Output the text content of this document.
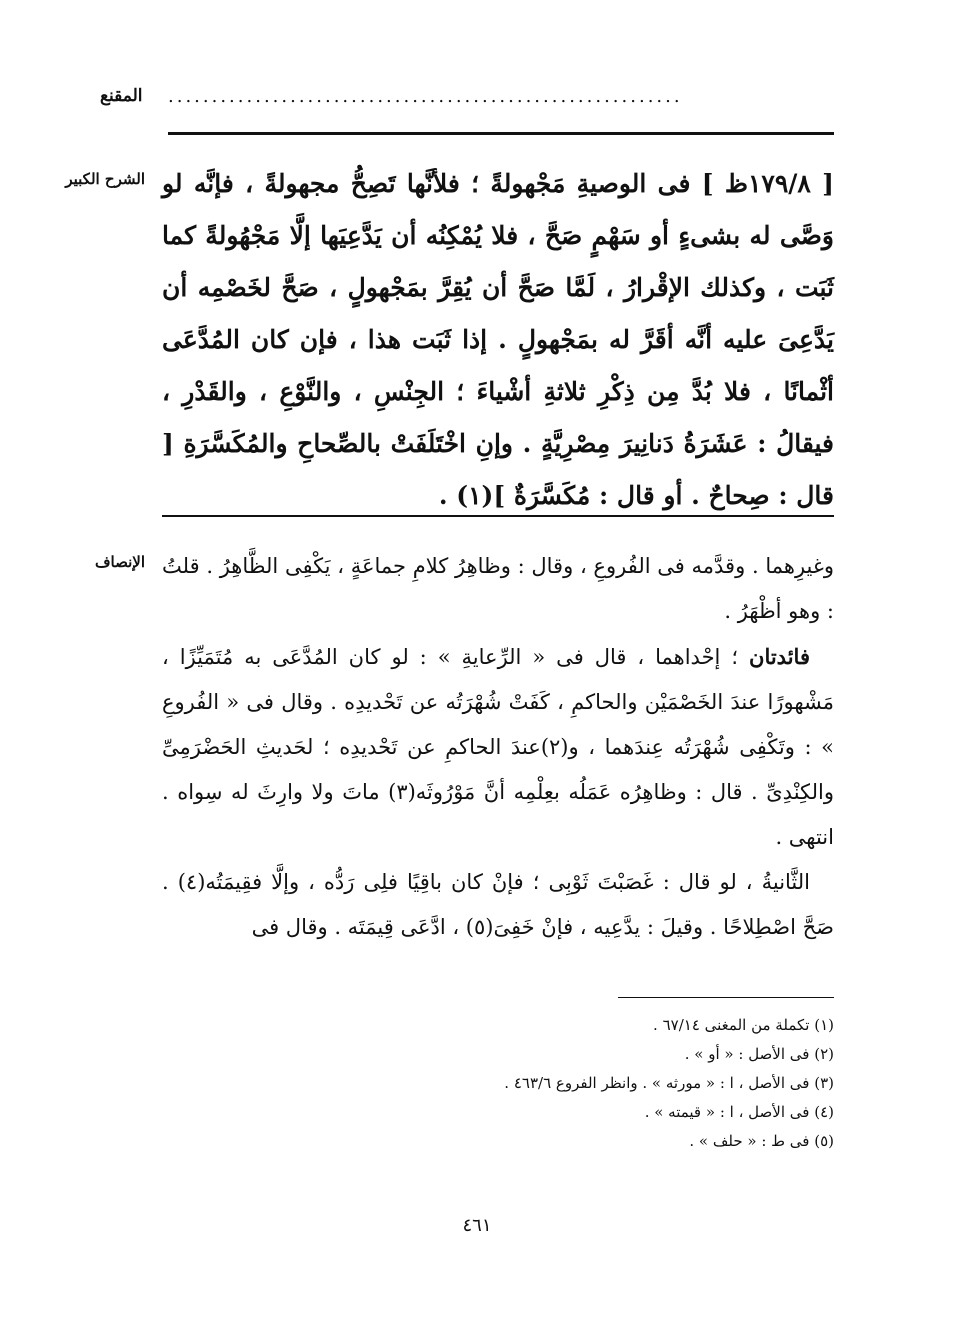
المقنع ...........................................................
الشرح الكبير
الإنصاف
[ ١٧٩/٨ظ ] فى الوصيةِ مَجْهولةً ؛ فلأنَّها تَصِحُّ مجهولةً ، فإنَّه لو وَصَّى له بشىءٍ أو سَهْمٍ صَحَّ ، فلا يُمْكِنُه أن يَدَّعِيَها إلَّا مَجْهُولةً كما ثَبَت ، وكذلك الإقْرارُ ، لَمَّا صَحَّ أن يُقِرَّ بمَجْهولٍ ، صَحَّ لخَصْمِه أن يَدَّعِىَ عليه أنَّه أقَرَّ له بمَجْهولٍ . إذا ثَبَت هذا ، فإن كان المُدَّعَى أثْمانًا ، فلا بُدَّ مِن ذِكْرِ ثلاثةِ أشْياءَ ؛ الجِنْسِ ، والنَّوْعِ ، والقَدْرِ ، فيقالُ : عَشَرَةُ دَنانِيرَ مِصْرِيَّةٍ . وإنِ اخْتَلَفَتْ بالصِّحاحِ والمُكَسَّرَةِ [ قال : صِحاحٌ . أو قال : مُكَسَّرَةٌ ](١) .

وغيرِهما . وقدَّمه فى الفُروعِ ، وقال : وظاهِرُ كلامِ جماعَةٍ ، يَكْفِى الظَّاهِرُ . قلتُ : وهو أظْهَرُ .

فائدتان ؛ إحْداهما ، قال فى « الرِّعايةِ » : لو كان المُدَّعَى به مُتَمَيِّزًا ، مَشْهورًا عندَ الخَصْمَيْن والحاكمِ ، كَفَتْ شُهْرَتُه عن تَحْديدِه . وقال فى « الفُروعِ » : وتَكْفِى شُهْرَتُه عِندَهما ، و(٢)عندَ الحاكمِ عن تَحْديدِه ؛ لحَديثِ الحَضْرَمِىِّ والكِنْدِىِّ . قال : وظاهِرُه عَمَلُه بعِلْمِه أنَّ مَوْرُوثَه(٣) ماتَ ولا وارِثَ له سِواه . انتهى .

الثَّانيةُ ، لو قال : غَصَبْتَ ثَوْبِى ؛ فإنْ كان باقِيًا فلِى رَدُّه ، وإلَّا فقِيمَتُه(٤) . صَحَّ اصْطِلاحًا . وقيلَ : يدَّعِيه ، فإنْ خَفِىَ(٥) ، ادَّعَى قِيمَتَه . وقال فى

(١) تكملة من المغنى ٦٧/١٤ .
(٢) فى الأصل : « أو » .
(٣) فى الأصل ، ا : « مورثه » . وانظر الفروع ٤٦٣/٦ .
(٤) فى الأصل ، ا : « قيمته » .
(٥) فى ط : « حلف » .
٤٦١
